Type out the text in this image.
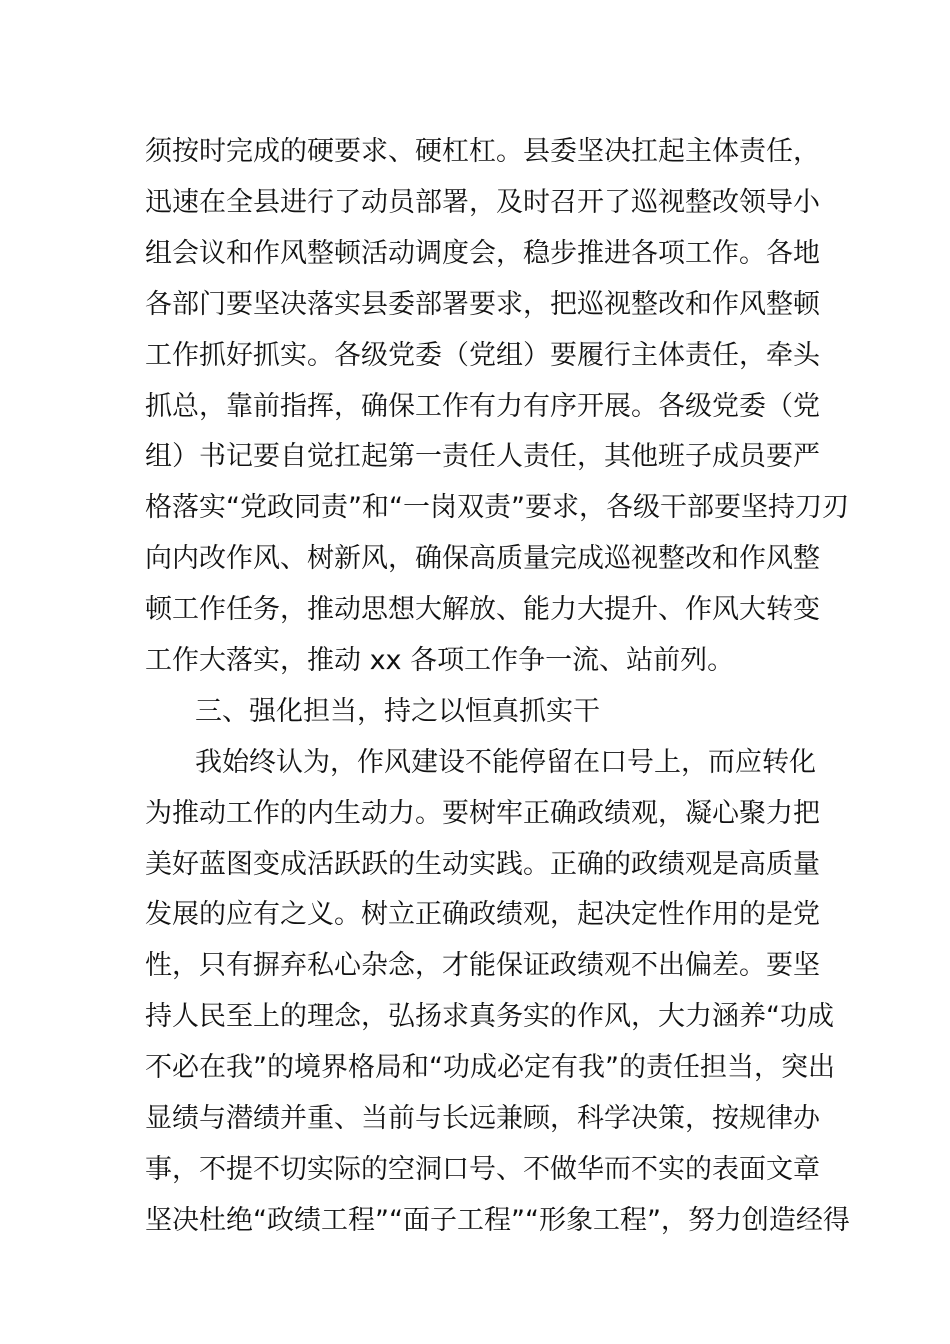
须按时完成的硬要求、硬杠杠。县委坚决扛起主体责任，
迅速在全县进行了动员部署，及时召开了巡视整改领导小
组会议和作风整顿活动调度会，稳步推进各项工作。各地
各部门要坚决落实县委部署要求，把巡视整改和作风整顿
工作抓好抓实。各级党委（党组）要履行主体责任，牵头
抓总，靠前指挥，确保工作有力有序开展。各级党委（党
组）书记要自觉扛起第一责任人责任，其他班子成员要严
格落实“党政同责”和“一岗双责”要求，各级干部要坚持刀刃
向内改作风、树新风，确保高质量完成巡视整改和作风整
顿工作任务，推动思想大解放、能力大提升、作风大转变
工作大落实，推动 xx 各项工作争一流、站前列。
三、强化担当，持之以恒真抓实干
我始终认为，作风建设不能停留在口号上，而应转化
为推动工作的内生动力。要树牢正确政绩观，凝心聚力把
美好蓝图变成活跃跃的生动实践。正确的政绩观是高质量
发展的应有之义。树立正确政绩观，起决定性作用的是党
性，只有摒弃私心杂念，才能保证政绩观不出偏差。要坚
持人民至上的理念，弘扬求真务实的作风，大力涵养“功成
不必在我”的境界格局和“功成必定有我”的责任担当，突出
显绩与潜绩并重、当前与长远兼顾，科学决策，按规律办
事，不提不切实际的空洞口号、不做华而不实的表面文章
坚决杜绝“政绩工程”“面子工程”“形象工程”，努力创造经得
